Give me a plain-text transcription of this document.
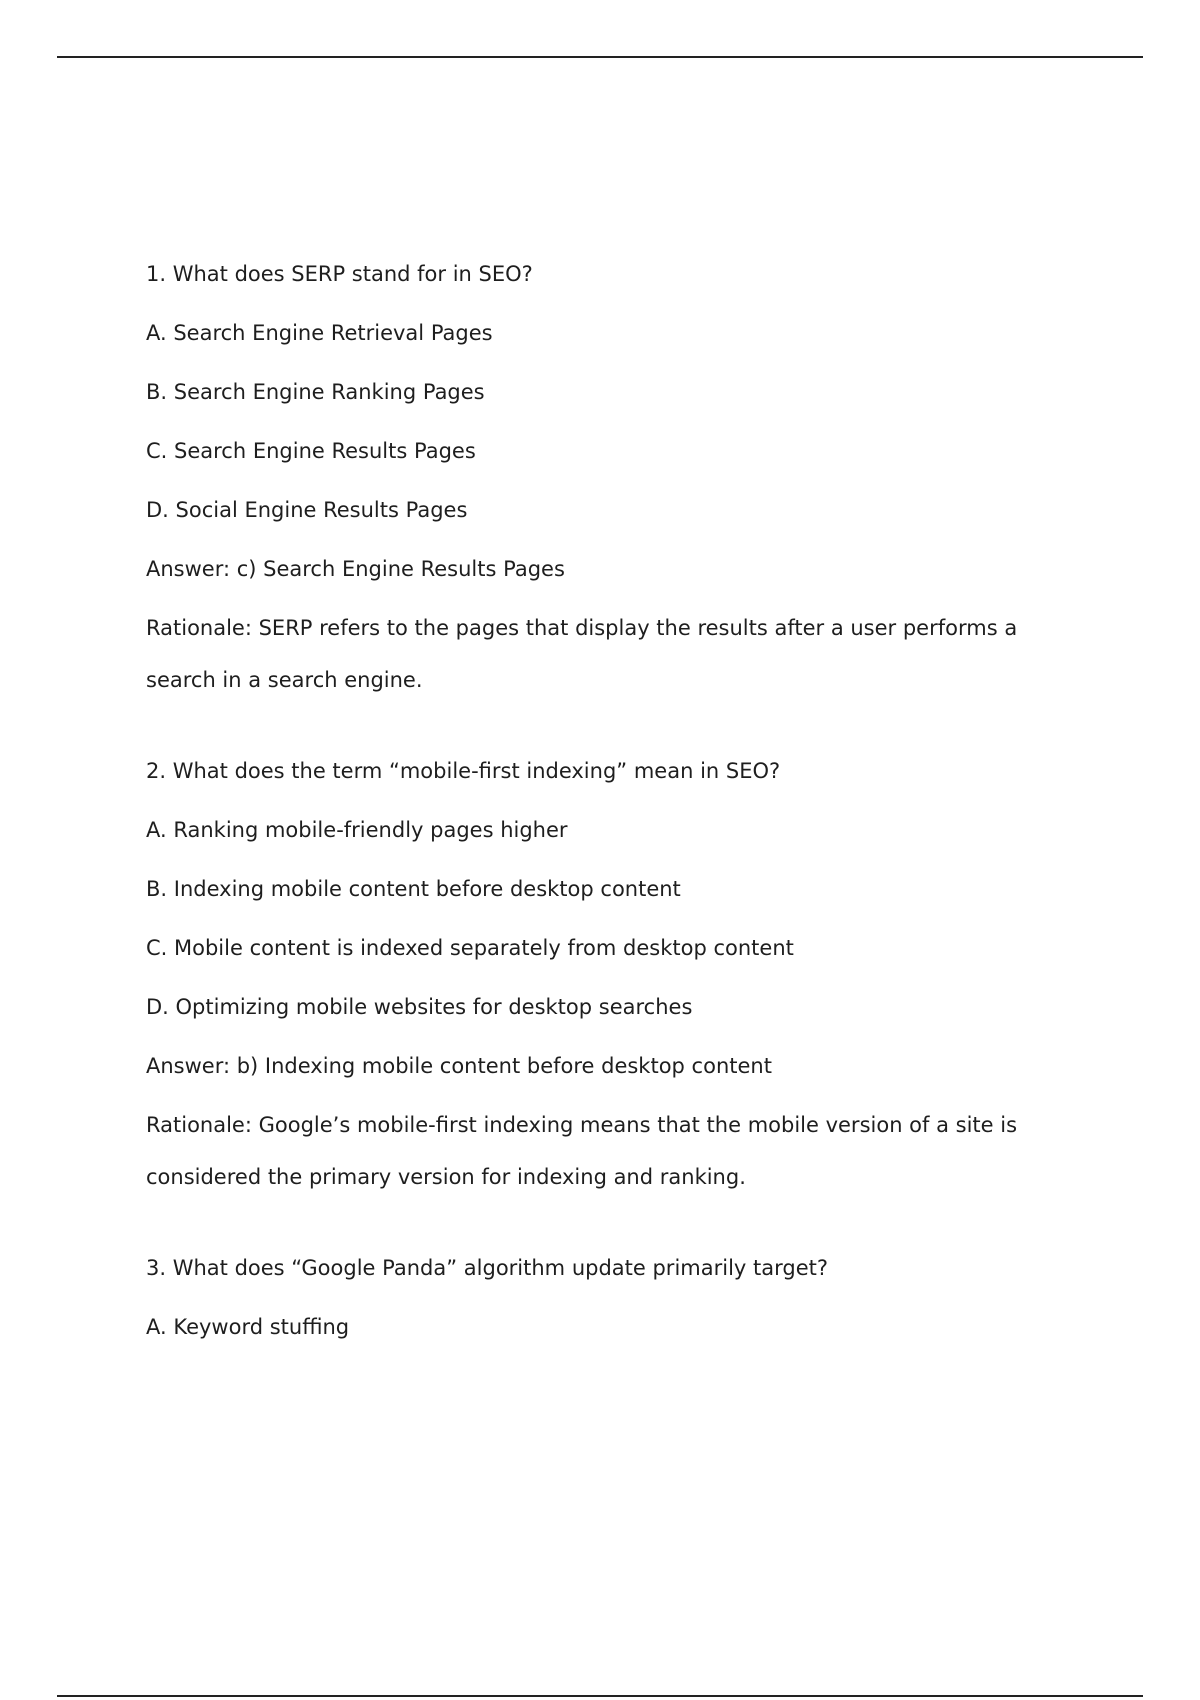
1. What does SERP stand for in SEO?

A. Search Engine Retrieval Pages

B. Search Engine Ranking Pages

C. Search Engine Results Pages

D. Social Engine Results Pages

Answer: c) Search Engine Results Pages

Rationale: SERP refers to the pages that display the results after a user performs a search in a search engine.

2. What does the term “mobile-first indexing” mean in SEO?

A. Ranking mobile-friendly pages higher

B. Indexing mobile content before desktop content

C. Mobile content is indexed separately from desktop content

D. Optimizing mobile websites for desktop searches

Answer: b) Indexing mobile content before desktop content

Rationale: Google’s mobile-first indexing means that the mobile version of a site is considered the primary version for indexing and ranking.

3. What does “Google Panda” algorithm update primarily target?

A. Keyword stuffing
